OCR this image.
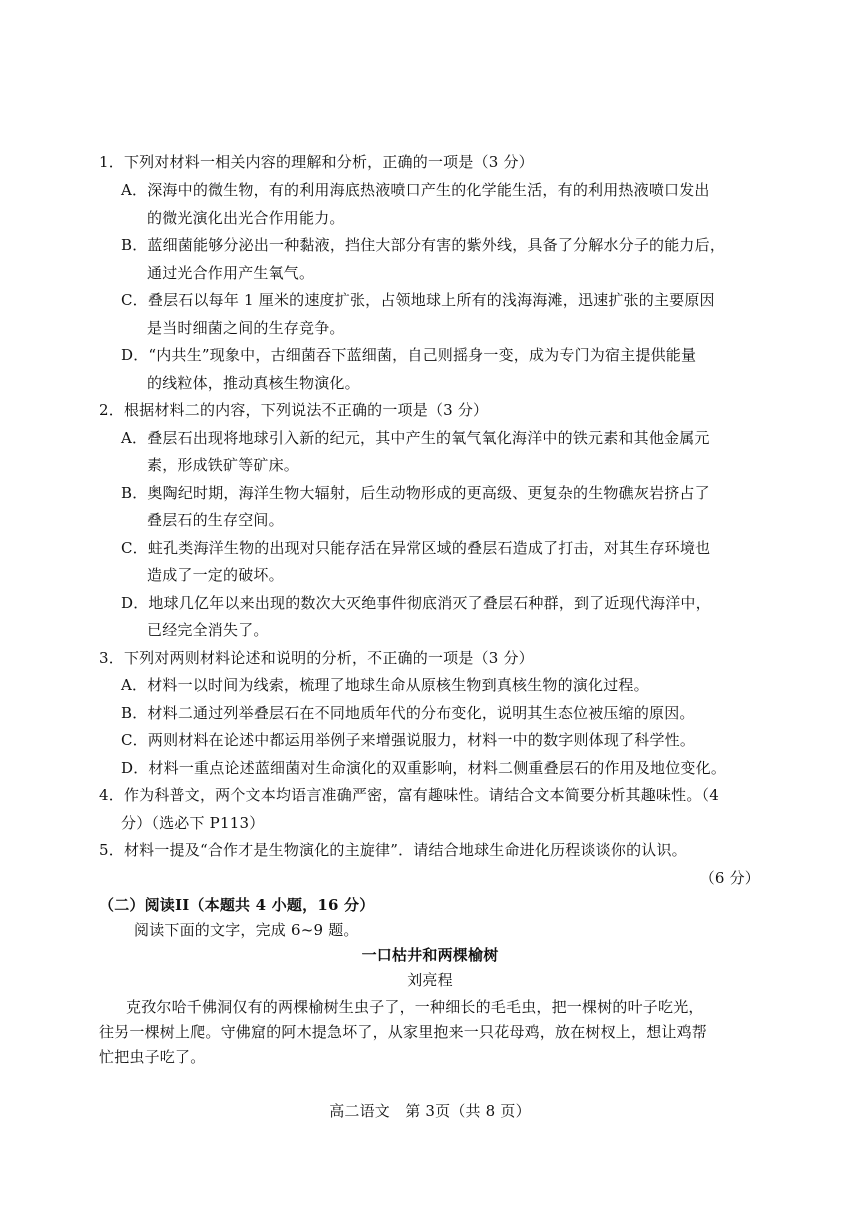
1．下列对材料一相关内容的理解和分析，正确的一项是（3 分）
A．深海中的微生物，有的利用海底热液喷口产生的化学能生活，有的利用热液喷口发出
的微光演化出光合作用能力。
B．蓝细菌能够分泌出一种黏液，挡住大部分有害的紫外线，具备了分解水分子的能力后，
通过光合作用产生氧气。
C．叠层石以每年 1 厘米的速度扩张，占领地球上所有的浅海海滩，迅速扩张的主要原因
是当时细菌之间的生存竞争。
D．“内共生”现象中，古细菌吞下蓝细菌，自己则摇身一变，成为专门为宿主提供能量
的线粒体，推动真核生物演化。
2．根据材料二的内容，下列说法不正确的一项是（3 分）
A．叠层石出现将地球引入新的纪元，其中产生的氧气氧化海洋中的铁元素和其他金属元
素，形成铁矿等矿床。
B．奥陶纪时期，海洋生物大辐射，后生动物形成的更高级、更复杂的生物礁灰岩挤占了
叠层石的生存空间。
C．蛀孔类海洋生物的出现对只能存活在异常区域的叠层石造成了打击，对其生存环境也
造成了一定的破坏。
D．地球几亿年以来出现的数次大灭绝事件彻底消灭了叠层石种群，到了近现代海洋中，
已经完全消失了。
3．下列对两则材料论述和说明的分析，不正确的一项是（3 分）
A．材料一以时间为线索，梳理了地球生命从原核生物到真核生物的演化过程。
B．材料二通过列举叠层石在不同地质年代的分布变化，说明其生态位被压缩的原因。
C．两则材料在论述中都运用举例子来增强说服力，材料一中的数字则体现了科学性。
D．材料一重点论述蓝细菌对生命演化的双重影响，材料二侧重叠层石的作用及地位变化。
4．作为科普文，两个文本均语言准确严密，富有趣味性。请结合文本简要分析其趣味性。（4
分）（选必下 P113）
5．材料一提及“合作才是生物演化的主旋律”．请结合地球生命进化历程谈谈你的认识。
（6 分）
（二）阅读II（本题共 4 小题，16 分）
阅读下面的文字，完成 6~9 题。
一口枯井和两棵榆树
刘亮程
克孜尔哈千佛洞仅有的两棵榆树生虫子了，一种细长的毛毛虫，把一棵树的叶子吃光，
往另一棵树上爬。守佛窟的阿木提急坏了，从家里抱来一只花母鸡，放在树杈上，想让鸡帮
忙把虫子吃了。
高二语文　第 3页（共 8 页）
